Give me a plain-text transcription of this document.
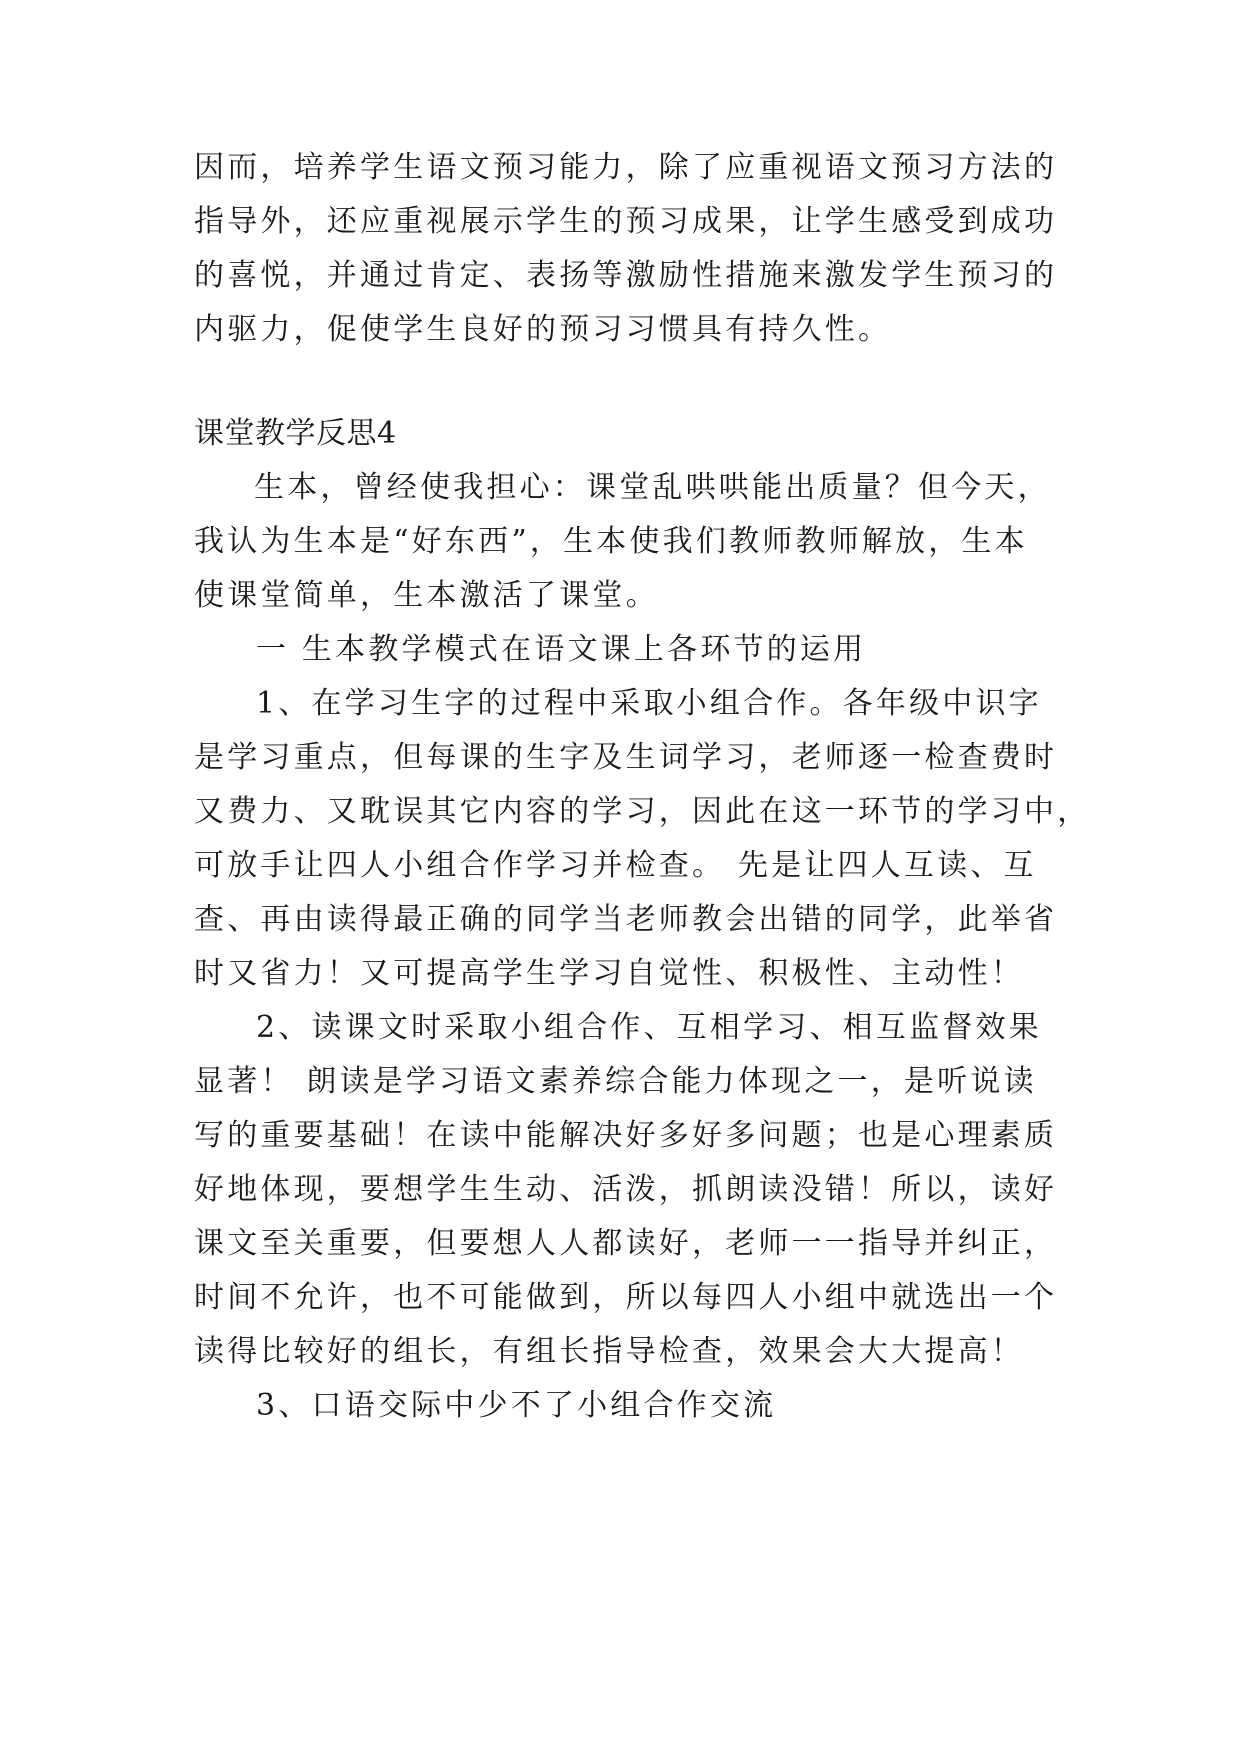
因而，培养学生语文预习能力，除了应重视语文预习方法的
指导外，还应重视展示学生的预习成果，让学生感受到成功
的喜悦，并通过肯定、表扬等激励性措施来激发学生预习的
内驱力，促使学生良好的预习习惯具有持久性。
课堂教学反思4
生本，曾经使我担心：课堂乱哄哄能出质量？但今天，
我认为生本是“好东西”，生本使我们教师教师解放，生本
使课堂简单，生本激活了课堂。
一 生本教学模式在语文课上各环节的运用
1、在学习生字的过程中采取小组合作。各年级中识字
是学习重点，但每课的生字及生词学习，老师逐一检查费时
又费力、又耽误其它内容的学习，因此在这一环节的学习中，
可放手让四人小组合作学习并检查。 先是让四人互读、互
查、再由读得最正确的同学当老师教会出错的同学，此举省
时又省力！又可提高学生学习自觉性、积极性、主动性！
2、读课文时采取小组合作、互相学习、相互监督效果
显著！ 朗读是学习语文素养综合能力体现之一，是听说读
写的重要基础！在读中能解决好多好多问题；也是心理素质
好地体现，要想学生生动、活泼，抓朗读没错！所以，读好
课文至关重要，但要想人人都读好，老师一一指导并纠正，
时间不允许，也不可能做到，所以每四人小组中就选出一个
读得比较好的组长，有组长指导检查，效果会大大提高！
3、口语交际中少不了小组合作交流
